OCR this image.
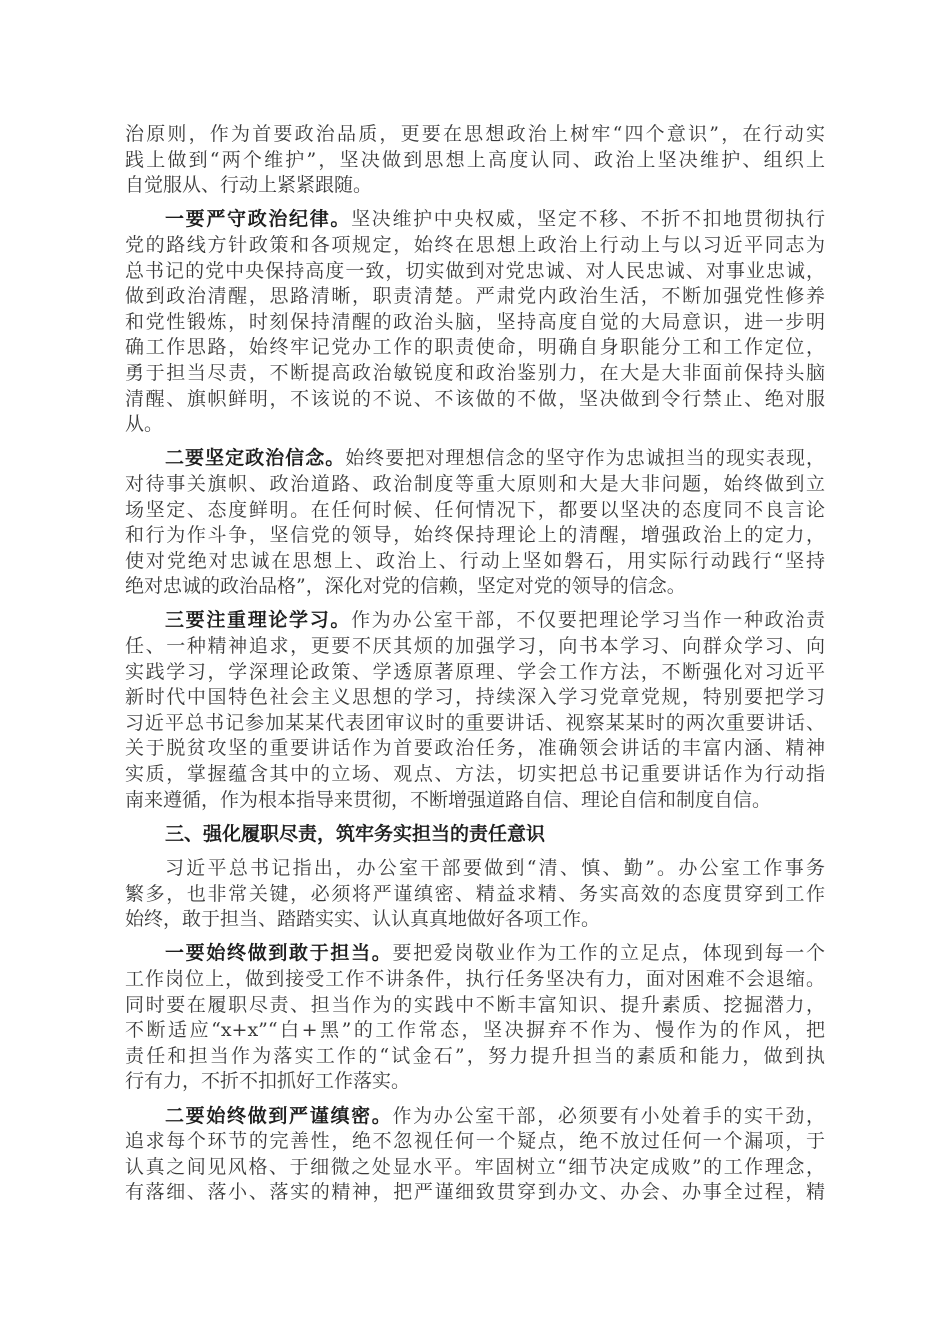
治原则，作为首要政治品质，更要在思想政治上树牢“四个意识”，在行动实
践上做到“两个维护”，坚决做到思想上高度认同、政治上坚决维护、组织上
自觉服从、行动上紧紧跟随。
一要严守政治纪律。坚决维护中央权威，坚定不移、不折不扣地贯彻执行
党的路线方针政策和各项规定，始终在思想上政治上行动上与以习近平同志为
总书记的党中央保持高度一致，切实做到对党忠诚、对人民忠诚、对事业忠诚，
做到政治清醒，思路清晰，职责清楚。严肃党内政治生活，不断加强党性修养
和党性锻炼，时刻保持清醒的政治头脑，坚持高度自觉的大局意识，进一步明
确工作思路，始终牢记党办工作的职责使命，明确自身职能分工和工作定位，
勇于担当尽责，不断提高政治敏锐度和政治鉴别力，在大是大非面前保持头脑
清醒、旗帜鲜明，不该说的不说、不该做的不做，坚决做到令行禁止、绝对服
从。
二要坚定政治信念。始终要把对理想信念的坚守作为忠诚担当的现实表现，
对待事关旗帜、政治道路、政治制度等重大原则和大是大非问题，始终做到立
场坚定、态度鲜明。在任何时候、任何情况下，都要以坚决的态度同不良言论
和行为作斗争，坚信党的领导，始终保持理论上的清醒，增强政治上的定力，
使对党绝对忠诚在思想上、政治上、行动上坚如磐石，用实际行动践行“坚持
绝对忠诚的政治品格”，深化对党的信赖，坚定对党的领导的信念。
三要注重理论学习。作为办公室干部，不仅要把理论学习当作一种政治责
任、一种精神追求，更要不厌其烦的加强学习，向书本学习、向群众学习、向
实践学习，学深理论政策、学透原著原理、学会工作方法，不断强化对习近平
新时代中国特色社会主义思想的学习，持续深入学习党章党规，特别要把学习
习近平总书记参加某某代表团审议时的重要讲话、视察某某时的两次重要讲话、
关于脱贫攻坚的重要讲话作为首要政治任务，准确领会讲话的丰富内涵、精神
实质，掌握蕴含其中的立场、观点、方法，切实把总书记重要讲话作为行动指
南来遵循，作为根本指导来贯彻，不断增强道路自信、理论自信和制度自信。
三、强化履职尽责，筑牢务实担当的责任意识
习近平总书记指出，办公室干部要做到“清、慎、勤”。办公室工作事务
繁多，也非常关键，必须将严谨缜密、精益求精、务实高效的态度贯穿到工作
始终，敢于担当、踏踏实实、认认真真地做好各项工作。
一要始终做到敢于担当。要把爱岗敬业作为工作的立足点，体现到每一个
工作岗位上，做到接受工作不讲条件，执行任务坚决有力，面对困难不会退缩。
同时要在履职尽责、担当作为的实践中不断丰富知识、提升素质、挖掘潜力，
不断适应“x+x”“白+黑”的工作常态，坚决摒弃不作为、慢作为的作风，把
责任和担当作为落实工作的“试金石”，努力提升担当的素质和能力，做到执
行有力，不折不扣抓好工作落实。
二要始终做到严谨缜密。作为办公室干部，必须要有小处着手的实干劲，
追求每个环节的完善性，绝不忽视任何一个疑点，绝不放过任何一个漏项，于
认真之间见风格、于细微之处显水平。牢固树立“细节决定成败”的工作理念，
有落细、落小、落实的精神，把严谨细致贯穿到办文、办会、办事全过程，精
